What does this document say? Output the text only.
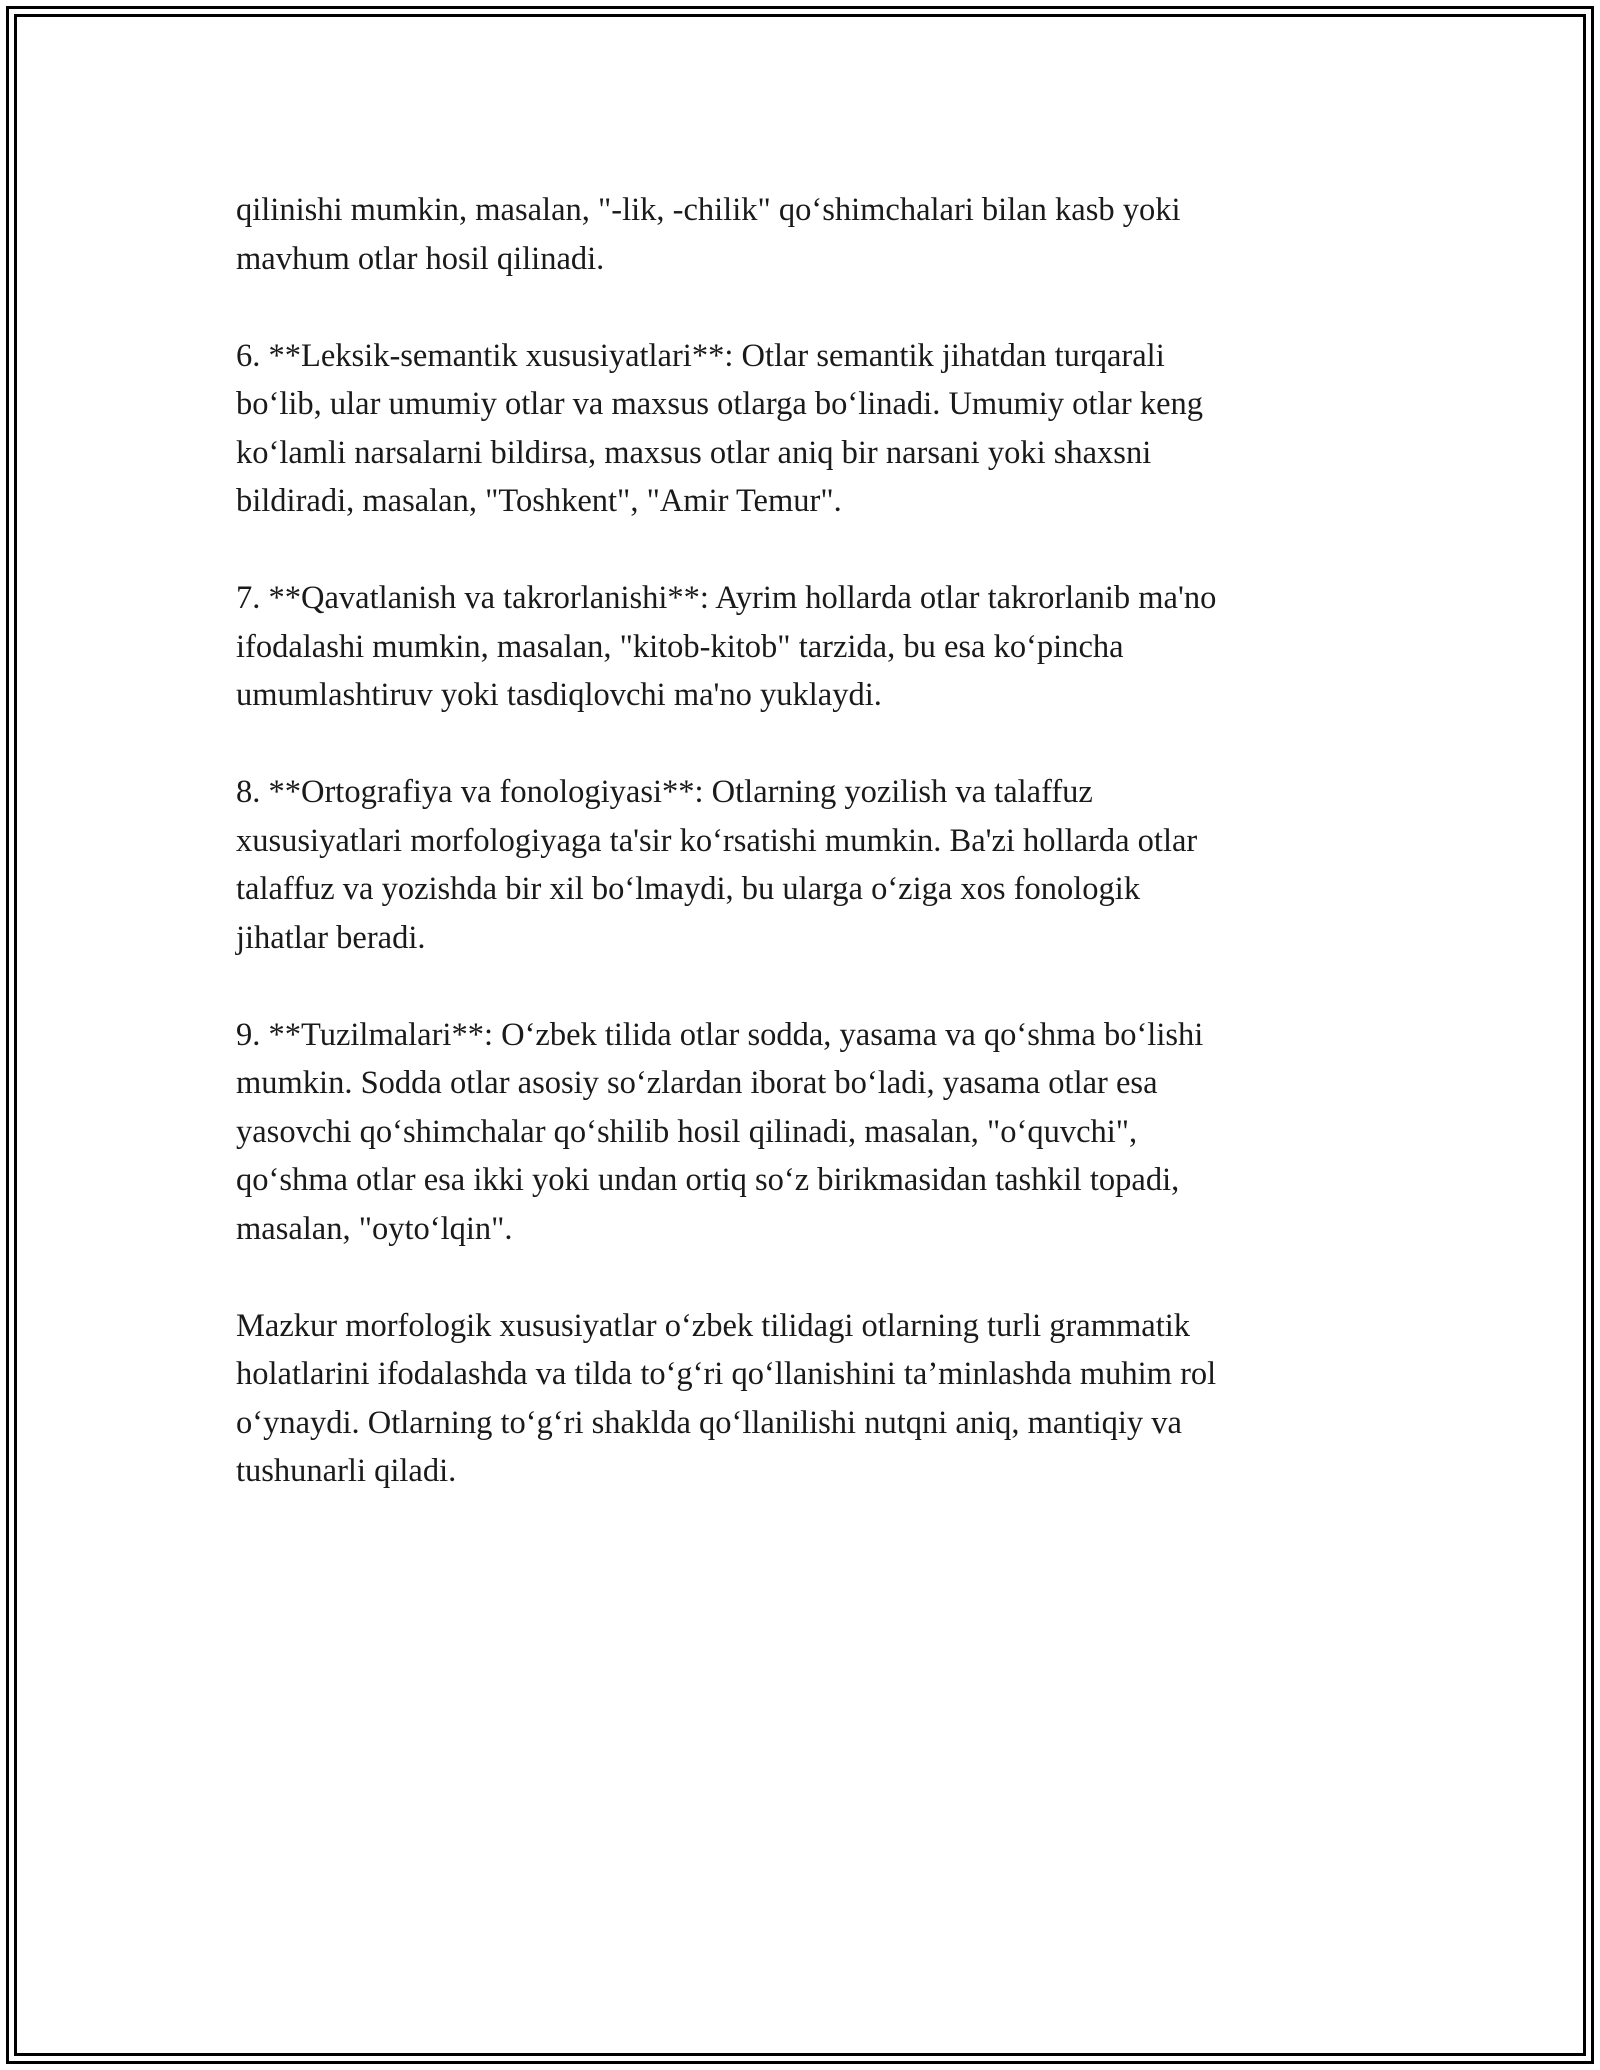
qilinishi mumkin, masalan, "-lik, -chilik" qo‘shimchalari bilan kasb yoki
mavhum otlar hosil qilinadi.
6. **Leksik-semantik xususiyatlari**: Otlar semantik jihatdan turqarali
bo‘lib, ular umumiy otlar va maxsus otlarga bo‘linadi. Umumiy otlar keng
ko‘lamli narsalarni bildirsa, maxsus otlar aniq bir narsani yoki shaxsni
bildiradi, masalan, "Toshkent", "Amir Temur".
7. **Qavatlanish va takrorlanishi**: Ayrim hollarda otlar takrorlanib ma'no
ifodalashi mumkin, masalan, "kitob-kitob" tarzida, bu esa ko‘pincha
umumlashtiruv yoki tasdiqlovchi ma'no yuklaydi.
8. **Ortografiya va fonologiyasi**: Otlarning yozilish va talaffuz
xususiyatlari morfologiyaga ta'sir ko‘rsatishi mumkin. Ba'zi hollarda otlar
talaffuz va yozishda bir xil bo‘lmaydi, bu ularga o‘ziga xos fonologik
jihatlar beradi.
9. **Tuzilmalari**: O‘zbek tilida otlar sodda, yasama va qo‘shma bo‘lishi
mumkin. Sodda otlar asosiy so‘zlardan iborat bo‘ladi, yasama otlar esa
yasovchi qo‘shimchalar qo‘shilib hosil qilinadi, masalan, "o‘quvchi",
qo‘shma otlar esa ikki yoki undan ortiq so‘z birikmasidan tashkil topadi,
masalan, "oyto‘lqin".
Mazkur morfologik xususiyatlar o‘zbek tilidagi otlarning turli grammatik
holatlarini ifodalashda va tilda to‘g‘ri qo‘llanishini ta’minlashda muhim rol
o‘ynaydi. Otlarning to‘g‘ri shaklda qo‘llanilishi nutqni aniq, mantiqiy va
tushunarli qiladi.
